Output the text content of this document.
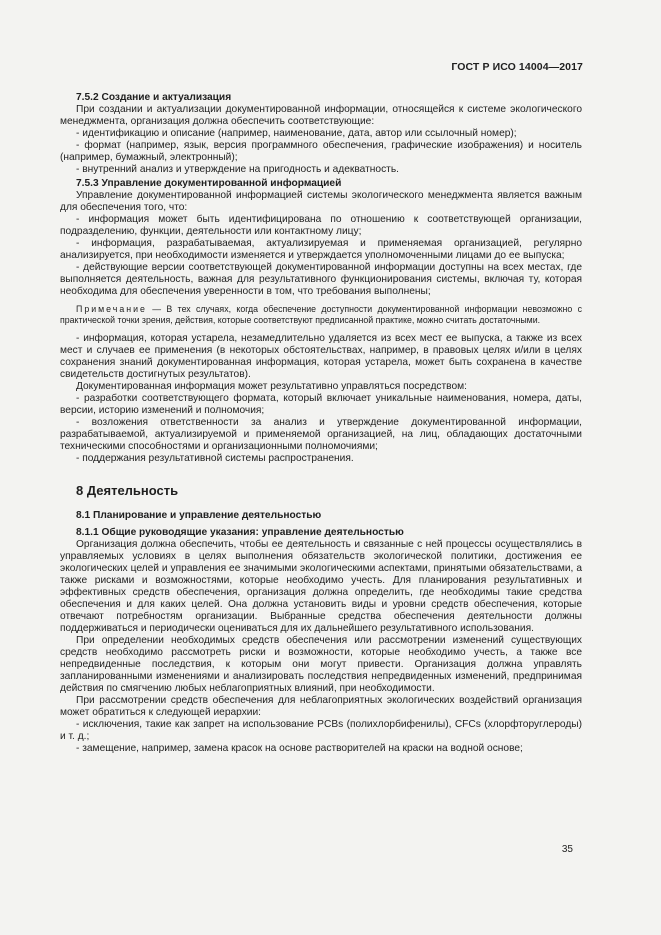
ГОСТ Р ИСО 14004—2017
7.5.2 Создание и актуализация
При создании и актуализации документированной информации, относящейся к системе экологического менеджмента, организация должна обеспечить соответствующие:
- идентификацию и описание (например, наименование, дата, автор или ссылочный номер);
- формат (например, язык, версия программного обеспечения, графические изображения) и носитель (например, бумажный, электронный);
- внутренний анализ и утверждение на пригодность и адекватность.
7.5.3 Управление документированной информацией
Управление документированной информацией системы экологического менеджмента является важным для обеспечения того, что:
- информация может быть идентифицирована по отношению к соответствующей организации, подразделению, функции, деятельности или контактному лицу;
- информация, разрабатываемая, актуализируемая и применяемая организацией, регулярно анализируется, при необходимости изменяется и утверждается уполномоченными лицами до ее выпуска;
- действующие версии соответствующей документированной информации доступны на всех местах, где выполняется деятельность, важная для результативного функционирования системы, включая ту, которая необходима для обеспечения уверенности в том, что требования выполнены;
Примечание — В тех случаях, когда обеспечение доступности документированной информации невозможно с практической точки зрения, действия, которые соответствуют предписанной практике, можно считать достаточными.
- информация, которая устарела, незамедлительно удаляется из всех мест ее выпуска, а также из всех мест и случаев ее применения (в некоторых обстоятельствах, например, в правовых целях и/или в целях сохранения знаний документированная информация, которая устарела, может быть сохранена в качестве свидетельств достигнутых результатов).
Документированная информация может результативно управляться посредством:
- разработки соответствующего формата, который включает уникальные наименования, номера, даты, версии, историю изменений и полномочия;
- возложения ответственности за анализ и утверждение документированной информации, разрабатываемой, актуализируемой и применяемой организацией, на лиц, обладающих достаточными техническими способностями и организационными полномочиями;
- поддержания результативной системы распространения.
8 Деятельность
8.1 Планирование и управление деятельностью
8.1.1 Общие руководящие указания: управление деятельностью
Организация должна обеспечить, чтобы ее деятельность и связанные с ней процессы осуществлялись в управляемых условиях в целях выполнения обязательств экологической политики, достижения ее экологических целей и управления ее значимыми экологическими аспектами, принятыми обязательствами, а также рисками и возможностями, которые необходимо учесть. Для планирования результативных и эффективных средств обеспечения, организация должна определить, где необходимы такие средства обеспечения и для каких целей. Она должна установить виды и уровни средств обеспечения, которые отвечают потребностям организации. Выбранные средства обеспечения деятельности должны поддерживаться и периодически оцениваться для их дальнейшего результативного использования.
При определении необходимых средств обеспечения или рассмотрении изменений существующих средств необходимо рассмотреть риски и возможности, которые необходимо учесть, а также все непредвиденные последствия, к которым они могут привести. Организация должна управлять запланированными изменениями и анализировать последствия непредвиденных изменений, предпринимая действия по смягчению любых неблагоприятных влияний, при необходимости.
При рассмотрении средств обеспечения для неблагоприятных экологических воздействий организация может обратиться к следующей иерархии:
- исключения, такие как запрет на использование PCBs (полихлорбифенилы), CFCs (хлорфторуглероды) и т. д.;
- замещение, например, замена красок на основе растворителей на краски на водной основе;
35
